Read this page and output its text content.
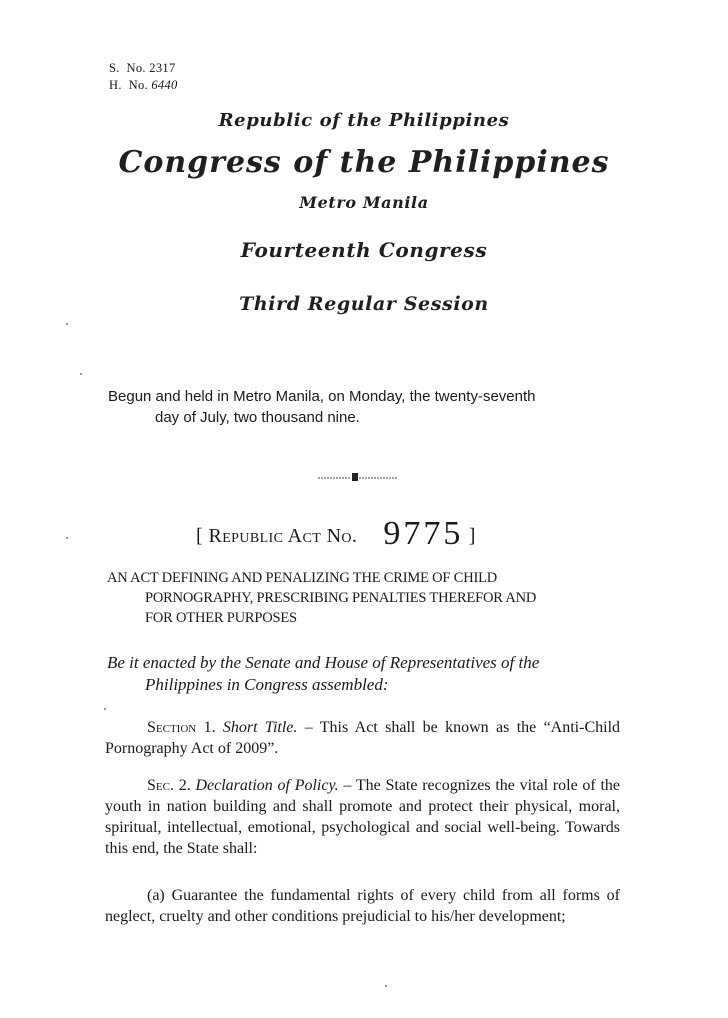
S. No. 2317
H. No. 6440
Republic of the Philippines
Congress of the Philippines
Metro Manila
Fourteenth Congress
Third Regular Session
Begun and held in Metro Manila, on Monday, the twenty-seventh
day of July, two thousand nine.
[ Republic Act No. 9775 ]
AN ACT DEFINING AND PENALIZING THE CRIME OF CHILD
PORNOGRAPHY, PRESCRIBING PENALTIES THEREFOR AND
FOR OTHER PURPOSES
Be it enacted by the Senate and House of Representatives of the
Philippines in Congress assembled:
Section 1. Short Title. – This Act shall be known as the “Anti-Child Pornography Act of 2009”.
Sec. 2. Declaration of Policy. – The State recognizes the vital role of the youth in nation building and shall promote and protect their physical, moral, spiritual, intellectual, emotional, psychological and social well-being. Towards this end, the State shall:
(a) Guarantee the fundamental rights of every child from all forms of neglect, cruelty and other conditions prejudicial to his/her development;
